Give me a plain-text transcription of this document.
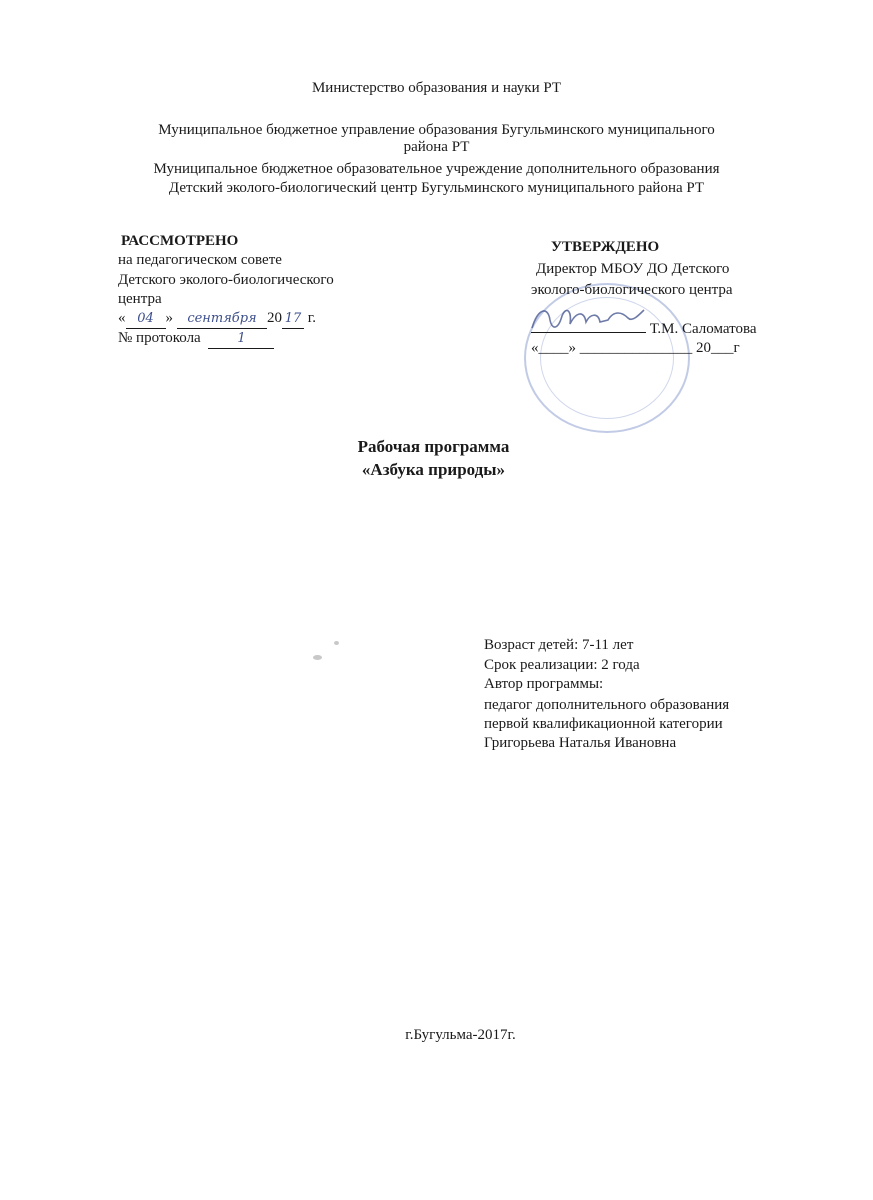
Министерство образования и науки РТ
Муниципальное бюджетное управление образования Бугульминского муниципального
района РТ
Муниципальное бюджетное образовательное учреждение дополнительного образования
Детский эколого-биологический центр Бугульминского муниципального района РТ
РАССМОТРЕНО
на педагогическом совете
Детского эколого-биологического
центра
« 04 » сентября 20 17 г.
№ протокола	1
УТВЕРЖДЕНО
Директор МБОУ ДО Детского
эколого-биологического центра
Т.М. Саломатова
«____» _______________ 20___г
Рабочая программа
«Азбука природы»
Возраст детей: 7-11 лет
Срок реализации: 2 года
Автор программы:
педагог дополнительного образования
первой квалификационной категории
Григорьева Наталья Ивановна
г.Бугульма-2017г.
